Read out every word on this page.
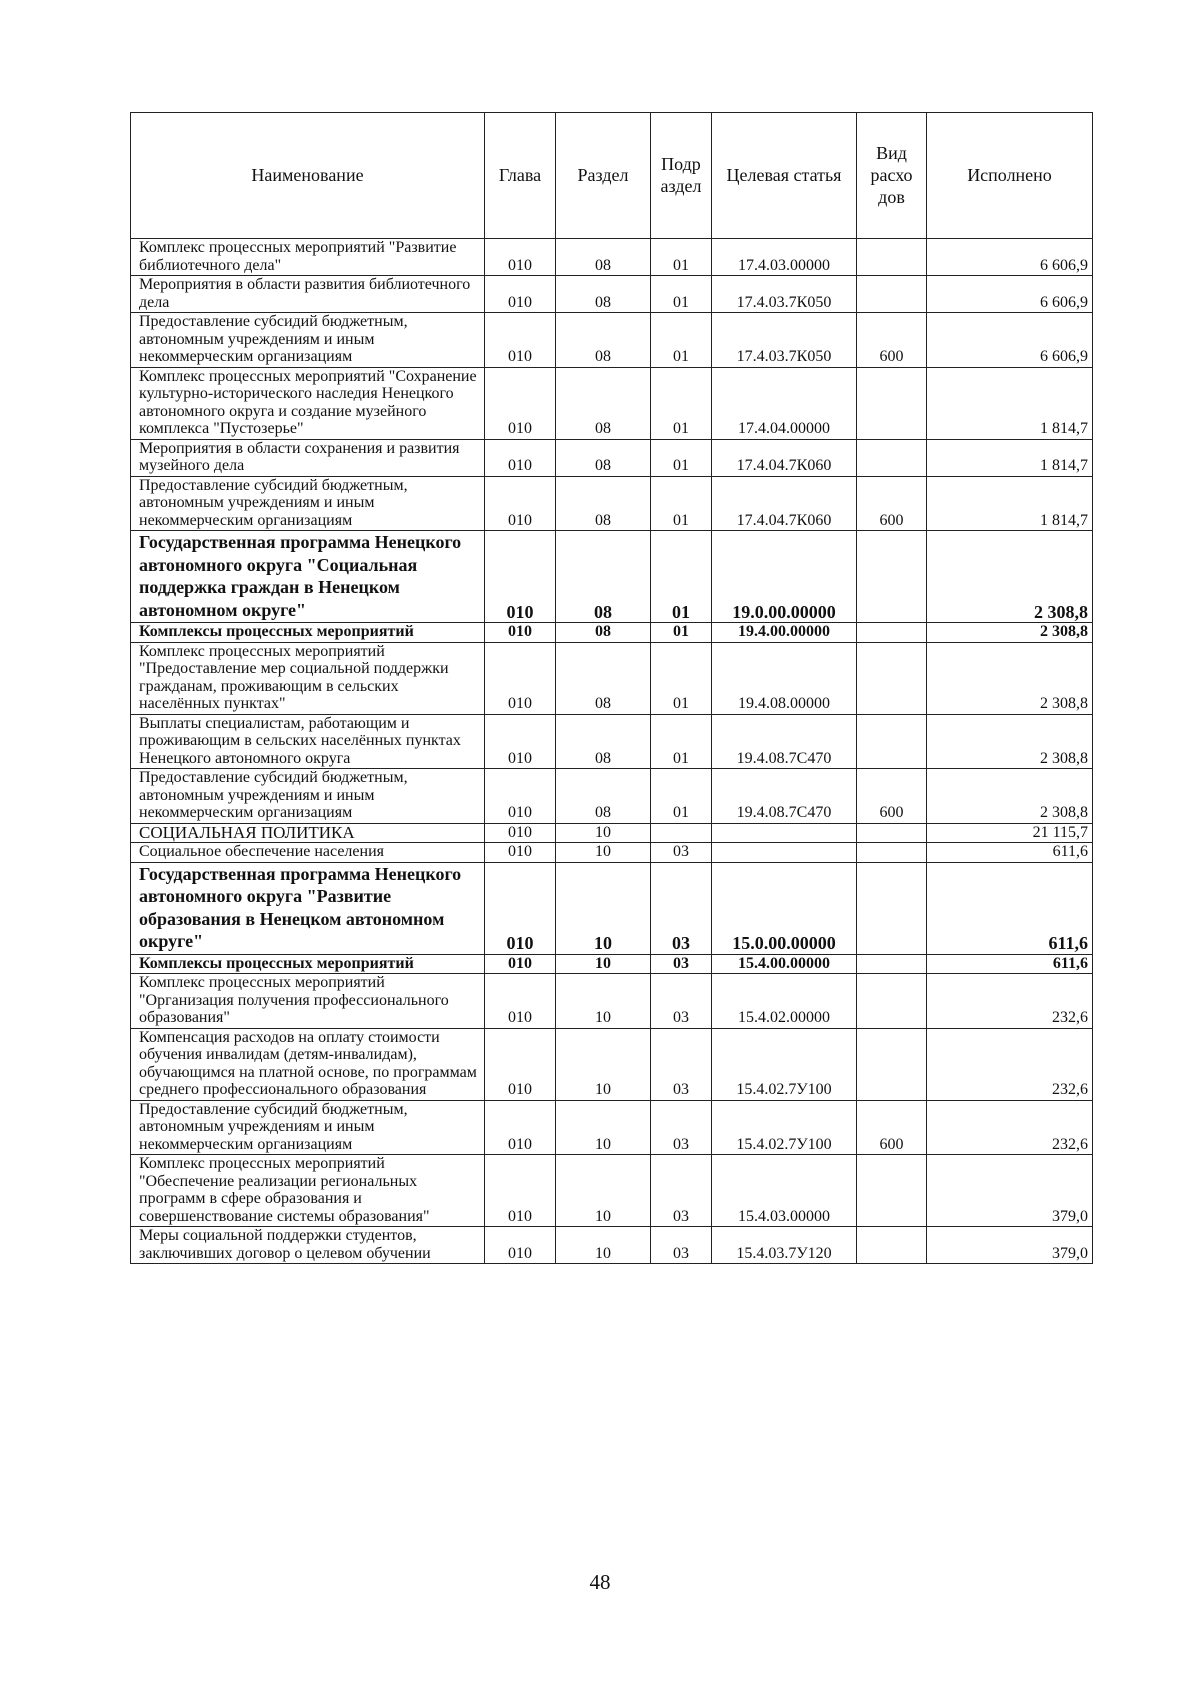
Наименование	Глава	Раздел	Подр аздел	Целевая статья	Вид расхо дов	Исполнено
Комплекс процессных мероприятий "Развитие библиотечного дела"	010	08	01	17.4.03.00000		6 606,9
Мероприятия в области развития библиотечного дела	010	08	01	17.4.03.7К050		6 606,9
Предоставление субсидий бюджетным, автономным учреждениям и иным некоммерческим организациям	010	08	01	17.4.03.7К050	600	6 606,9
Комплекс процессных мероприятий "Сохранение культурно-исторического наследия Ненецкого автономного округа и создание музейного комплекса "Пустозерье"	010	08	01	17.4.04.00000		1 814,7
Мероприятия в области сохранения и развития музейного дела	010	08	01	17.4.04.7К060		1 814,7
Предоставление субсидий бюджетным, автономным учреждениям и иным некоммерческим организациям	010	08	01	17.4.04.7К060	600	1 814,7
Государственная программа Ненецкого автономного округа "Социальная поддержка граждан в Ненецком автономном округе"	010	08	01	19.0.00.00000		2 308,8
Комплексы процессных мероприятий	010	08	01	19.4.00.00000		2 308,8
Комплекс процессных мероприятий "Предоставление мер социальной поддержки гражданам, проживающим в сельских населённых пунктах"	010	08	01	19.4.08.00000		2 308,8
Выплаты специалистам, работающим и проживающим в сельских населённых пунктах Ненецкого автономного округа	010	08	01	19.4.08.7С470		2 308,8
Предоставление субсидий бюджетным, автономным учреждениям и иным некоммерческим организациям	010	08	01	19.4.08.7С470	600	2 308,8
СОЦИАЛЬНАЯ ПОЛИТИКА	010	10				21 115,7
Социальное обеспечение населения	010	10	03			611,6
Государственная программа Ненецкого автономного округа "Развитие образования в Ненецком автономном округе"	010	10	03	15.0.00.00000		611,6
Комплексы процессных мероприятий	010	10	03	15.4.00.00000		611,6
Комплекс процессных мероприятий "Организация получения профессионального образования"	010	10	03	15.4.02.00000		232,6
Компенсация расходов на оплату стоимости обучения инвалидам (детям-инвалидам), обучающимся на платной основе, по программам среднего профессионального образования	010	10	03	15.4.02.7У100		232,6
Предоставление субсидий бюджетным, автономным учреждениям и иным некоммерческим организациям	010	10	03	15.4.02.7У100	600	232,6
Комплекс процессных мероприятий "Обеспечение реализации региональных программ в сфере образования и совершенствование системы образования"	010	10	03	15.4.03.00000		379,0
Меры социальной поддержки студентов, заключивших договор о целевом обучении	010	10	03	15.4.03.7У120		379,0
48
